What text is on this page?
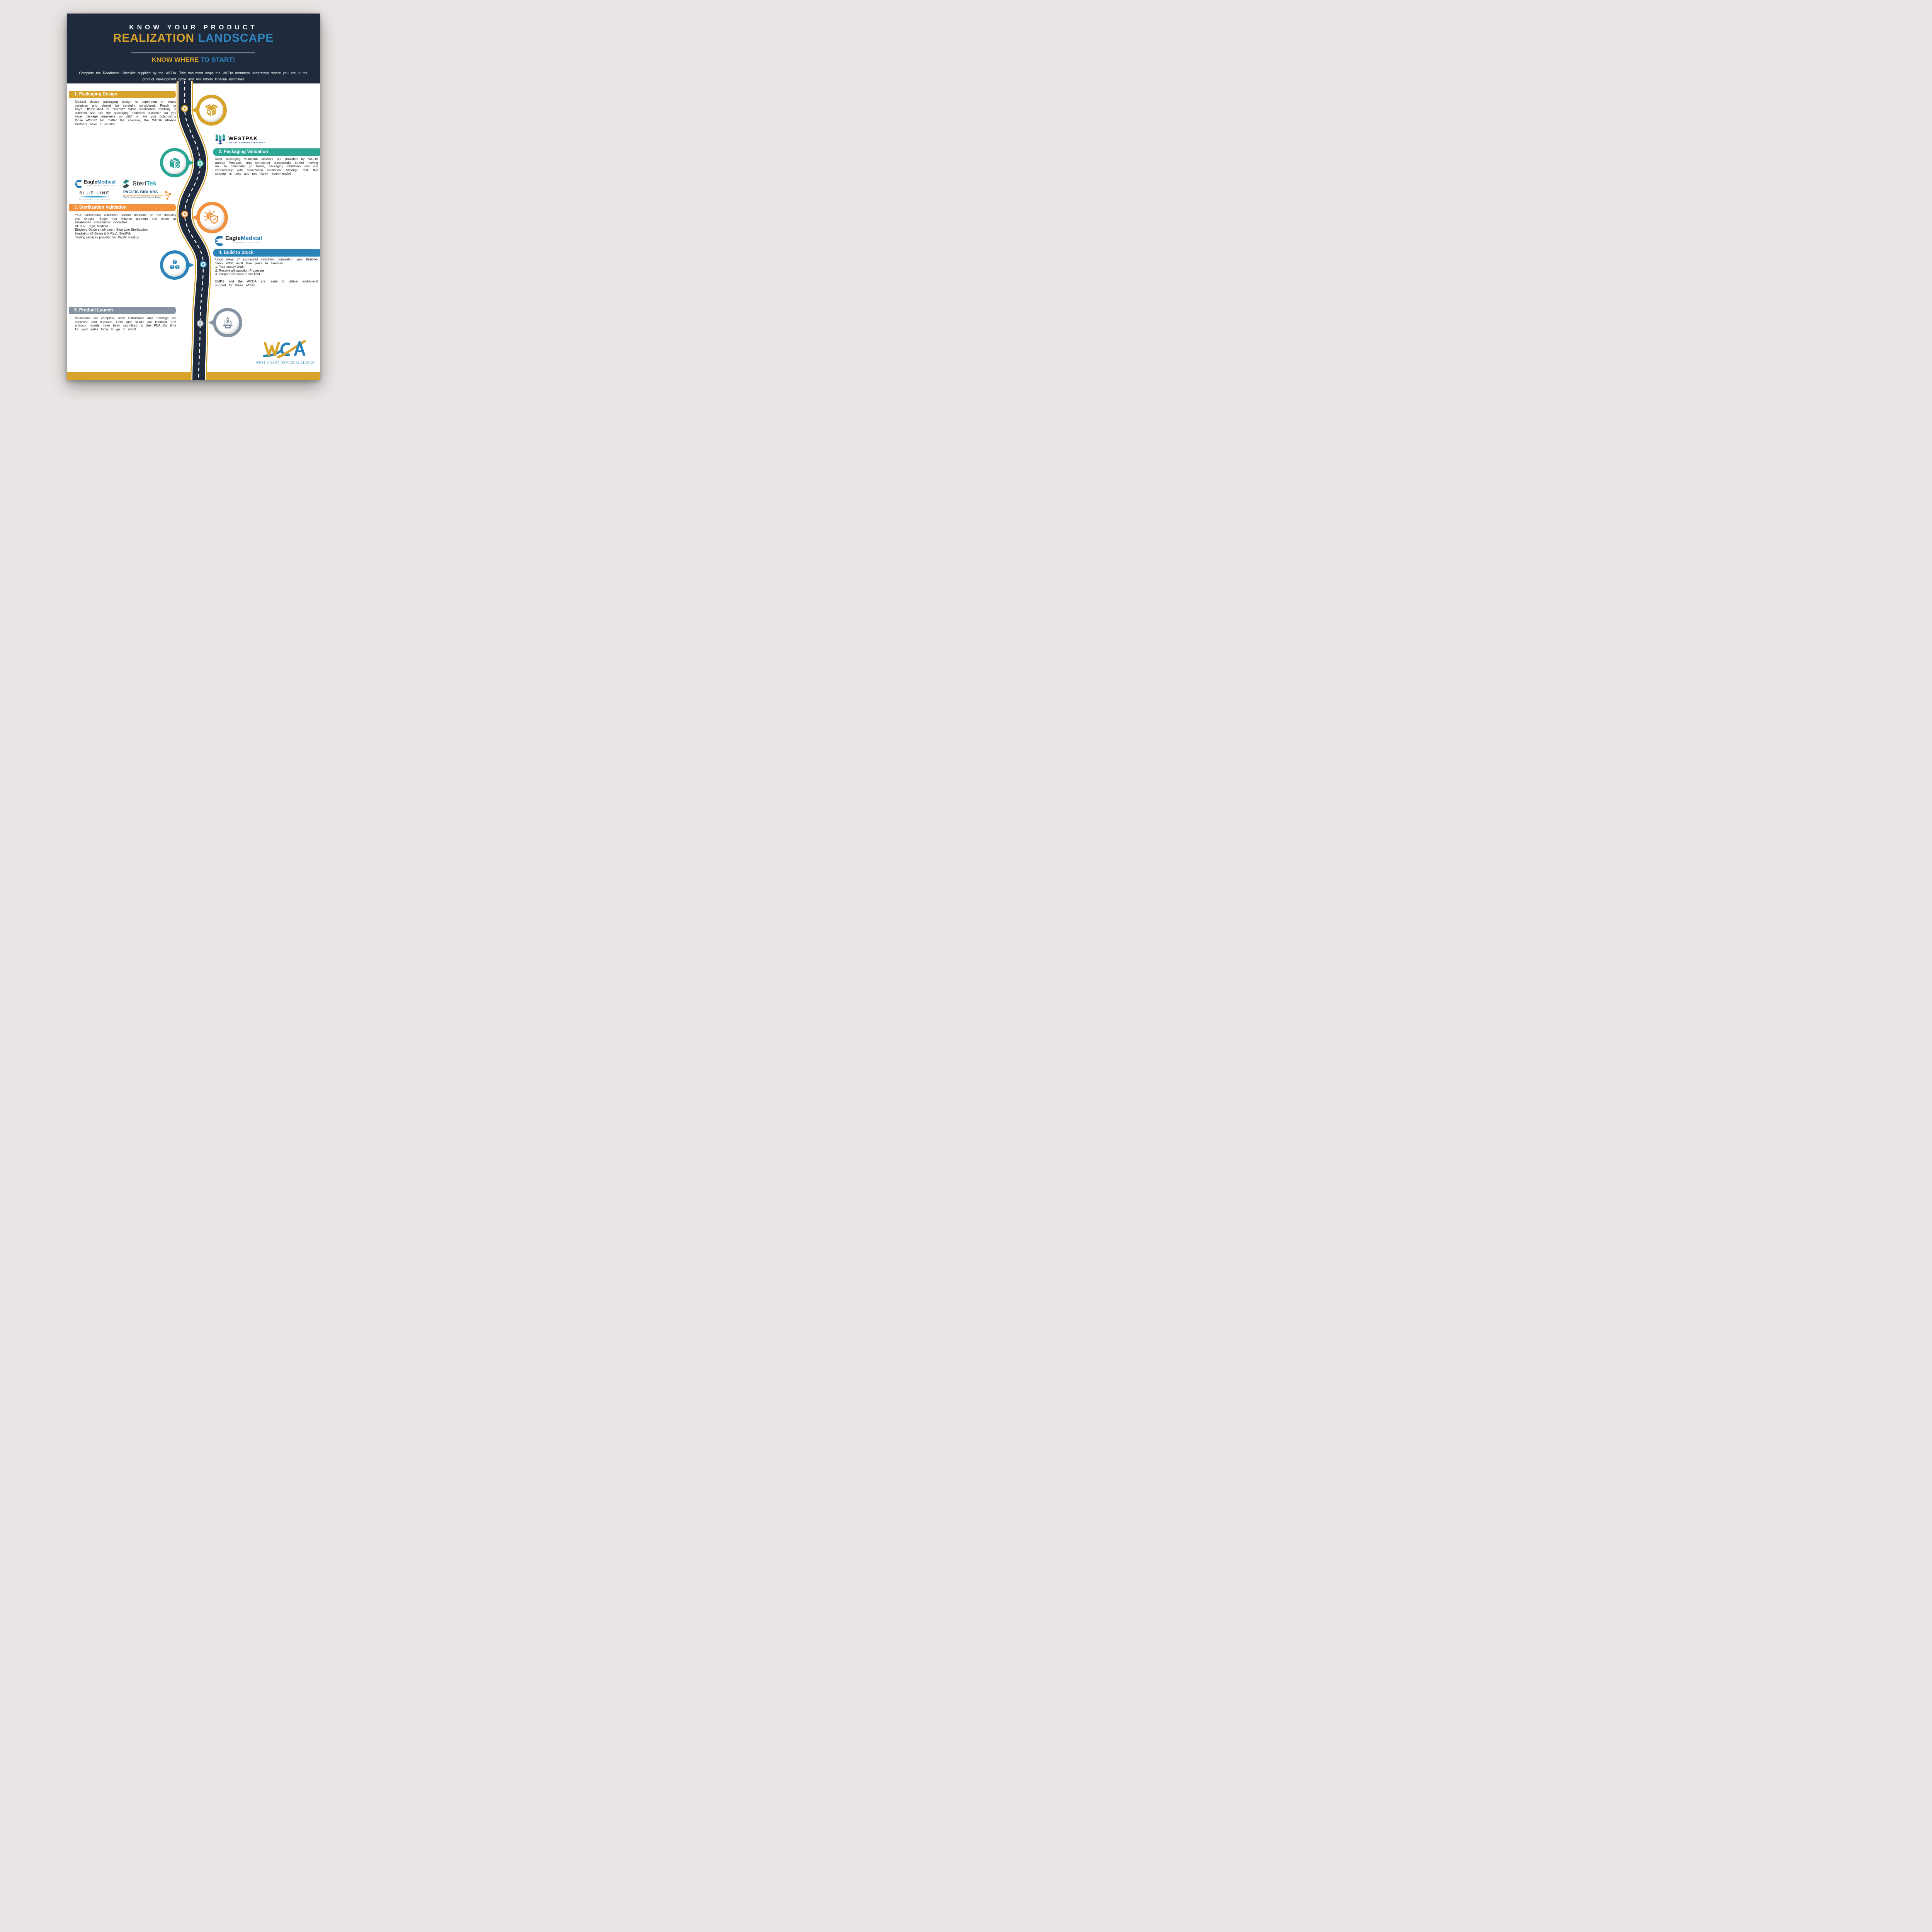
KNOW YOUR PRODUCT
REALIZATION LANDSCAPE
KNOW WHERE TO START!

Complete the Readiness Checklist supplied by the WCDA. This document helps the WCDA members understand where you are in the product development cycle and will inform timeline estimates

1. Packaging Design
Medical device packaging design is dependent on many variables and should be carefully considered. Pouch or tray? Off-the-shelf or custom? What sterilization modality is selected and are the packaging materials suitable? Do you have package engineers on staff or are you outsourcing those efforts? No matter the scenario, the WCDA Alliance Partners have a solution
WESTPAK
TESTING. OWNERSHIP. INTEGRITY.
2. Packaging Validation
Most packaging validation services are provided by WCDA partner Westpak, and completed successfully before moving on. To potentially go faster, packaging validation can run concurrently with sterilization validation. Although fast, this strategy is risky and not highly recommended
EagleMedical
PACKAGING,STERILIZATION,INC.	SteriTek
BLUE LINE
EO STERILIZATION SERVICES
PACIFIC BIOLABS
The Service Leader in Life Science Testing
PBL
3. Sterilization Validation

Your sterilization validation partner depends on the modality you choose. Eagle has Alliance partners that cover all established sterilization modalities:

VH2O2: Eagle Medical

Ethylene Oxide small batch: Blue Line Sterilization

Irradiation (E-Beam & X-Ray): SteriTek

Testing services provided by: Pacific Biolabs	EagleMedical
PACKAGING,STERILIZATION,INC.
4. Build to Stock

Upon news of successful validation completion your Build-to-Stock effort must take place to exercise:

1. Your supply-chain

2. Receiving/inspection Processes

3. Prepare for sales in the field

EMPS and the WCDA are ready to deliver end-to-end support for these efforts.

5. Product Launch
Validations are complete, work instructions and drawings are approved and released, DHR and BOM's are finalized, and protocol reports have been submitted to the FDA...it's time for your sales force to go to work!
WEST COAST DEVICE ALLIANCE
